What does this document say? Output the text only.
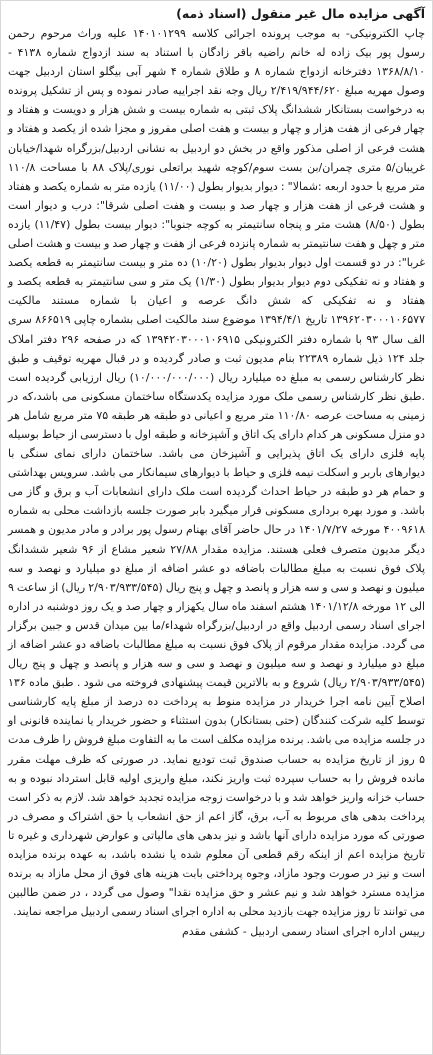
آگهی مزایده مال غیر منقول (اسناد ذمه)
چاپ الکترونیکی- به موجب پرونده اجرائی کلاسه ۱۴۰۱۰۱۲۹۹ علیه وراث مرحوم رحمن رسول پور بیک زاده له خانم راضیه باقر زادگان با استناد به سند ازدواج شماره ۴۱۳۸ - ۱۳۶۸/۸/۱۰ دفترخانه ازدواج شماره ۸ و طلاق شماره ۴ شهر آبی بیگلو استان اردبیل جهت وصول مهریه مبلغ ۲/۴۱۹/۹۴۴/۶۲۰ ریال وجه نقد اجراییه صادر نموده و پس از تشکیل پرونده به درخواست بستانکار ششدانگ پلاک ثبتی به شماره بیست و شش هزار و دویست و هفتاد و چهار فرعی از هفت هزار و چهار و بیست و هفت اصلی مفروز و مجزا شده از یکصد و هفتاد و هشت فرعی از اصلی مذکور واقع در بخش دو اردبیل به نشانی اردبیل/بزرگراه شهدا/خیابان غریبان/۵ متری چمران/بن بست سوم/کوچه شهید براتعلی نوری/پلاک ۸۸ با مساحت ۱۱۰/۸ متر مربع با حدود اربعه :شمالا" : دیوار بدیوار بطول (۱۱/۰۰) یازده متر به شماره یکصد و هفتاد و هشت فرعی از هفت هزار و چهار صد و بیست و هفت اصلی شرقا": درب و دیوار است بطول (۸/۵۰) هشت متر و پنجاه سانتیمتر به کوچه جنوبا": دیوار بیست بطول (۱۱/۴۷) یازده متر و چهل و هفت سانتیمتر به شماره پانزده فرعی از هفت و چهار صد و بیست و هشت اصلی غربا": در دو قسمت اول دیوار بدیوار بطول (۱۰/۲۰) ده متر و بیست سانتیمتر به قطعه یکصد و هفتاد و نه تفکیکی دوم دیوار بدیوار بطول (۱/۳۰) یک متر و سی سانتیمتر به قطعه یکصد و هفتاد و نه تفکیکی که شش دانگ عرصه و اعیان با شماره مستند مالکیت ۱۳۹۶۲۰۳۰۰۰۱۰۶۵۷۷ تاریخ ۱۳۹۴/۴/۱ موضوع سند مالکیت اصلی بشماره چاپی ۸۶۶۵۱۹ سری الف سال ۹۳ با شماره دفتر الکترونیکی ۱۳۹۴۲۰۳۰۰۰۱۰۶۹۱۵ که در صفحه ۲۹۶ دفتر املاک جلد ۱۲۴ ذیل شماره ۲۲۳۸۹ بنام مدیون ثبت و صادر گردیده و در قبال مهریه توقیف و طبق نظر کارشناس رسمی به مبلغ ده میلیارد ریال (۱۰/۰۰۰/۰۰۰/۰۰۰) ریال ارزیابی گردیده است .طبق نظر کارشناس رسمی ملک مورد مزایده یکدستگاه ساختمان مسکونی می باشد،که در زمینی به مساحت عرصه ۱۱۰/۸۰ متر مربع و اعیانی دو طبقه هر طبقه ۷۵ متر مربع شامل هر دو منزل مسکونی هر کدام دارای یک اتاق و آشپزخانه و طبقه اول با دسترسی از حیاط بوسیله پایه فلزی دارای یک اتاق پذیرایی و آشپزخان می باشد. ساختمان دارای نمای سنگی با دیوارهای باربر و اسکلت نیمه فلزی و حیاط با دیوارهای سیمانکار می باشد. سرویس بهداشتی و حمام هر دو طبقه در حیاط احداث گردیده است ملک دارای انشعابات آب و برق و گاز می باشد. و مورد بهره برداری مسکونی قرار میگیرد بابر صورت جلسه بازداشت محلی به شماره ۴۰۰۹۶۱۸ مورخه ۱۴۰۱/۷/۲۷ در حال حاضر آقای بهنام رسول پور برادر و مادر مدیون و همسر دیگر مدیون متصرف فعلی هستند. مزایده مقدار ۲۷/۸۸ شعیر مشاع از ۹۶ شعیر ششدانگ پلاک فوق نسبت به مبلغ مطالبات باضافه دو عشر اضافه از مبلغ دو میلیارد و نهصد و سه میلیون و نهصد و سی و سه هزار و پانصد و چهل و پنج ریال (۲/۹۰۳/۹۳۳/۵۴۵ ریال) از ساعت ۹ الی ۱۲ مورخه ۱۴۰۱/۱۲/۸ هشتم اسفند ماه سال یکهزار و چهار صد و یک روز دوشنبه در اداره اجرای اسناد رسمی اردبیل واقع در اردبیل/بزرگراه شهداء/ما بین میدان قدس و جبین برگزار می گردد. مزایده مقدار مرقوم از پلاک فوق نسبت به مبلغ مطالبات باضافه دو عشر اضافه از مبلغ دو میلیارد و نهصد و سه میلیون و نهصد و سی و سه هزار و پانصد و چهل و پنج ریال (۲/۹۰۳/۹۳۳/۵۴۵ ریال) شروع و به بالاترین قیمت پیشنهادی فروخته می شود . طبق ماده ۱۳۶ اصلاح آیین نامه اجرا خریدار در مزایده منوط به پرداخت ده درصد از مبلغ پایه کارشناسی توسط کلیه شرکت کنندگان (حتی بستانکار) بدون استثناء و حضور خریدار یا نماینده قانونی او در جلسه مزایده می باشد. برنده مزایده مکلف است ما به التفاوت مبلغ فروش را ظرف مدت ۵ روز از تاریخ مزایده به حساب صندوق ثبت تودیع نماید. در صورتی که ظرف مهلت مقرر مانده فروش را به حساب سپرده ثبت واریز نکند، مبلغ واریزی اولیه قابل استرداد نبوده و به حساب خزانه واریز خواهد شد و با درخواست زوجه مزایده تجدید خواهد شد. لازم به ذکر است پرداخت بدهی های مربوط به آب، برق، گاز اعم از حق انشعاب یا حق اشتراک و مصرف در صورتی که مورد مزایده دارای آنها باشد و نیز بدهی های مالیاتی و عوارض شهرداری و غیره تا تاریخ مزایده اعم از اینکه رقم قطعی آن معلوم شده یا نشده باشد، به عهده برنده مزایده است و نیز در صورت وجود مازاد، وجوه پرداختی بابت هزینه های فوق از محل مازاد به برنده مزایده مسترد خواهد شد و نیم عشر و حق مزایده نقدا" وصول می گردد ، در ضمن طالبین می توانند تا روز مزایده جهت بازدید محلی به اداره اجرای اسناد رسمی اردبیل مراجعه نمایند.
رییس اداره اجرای اسناد رسمی اردبیل - کشفی مقدم
